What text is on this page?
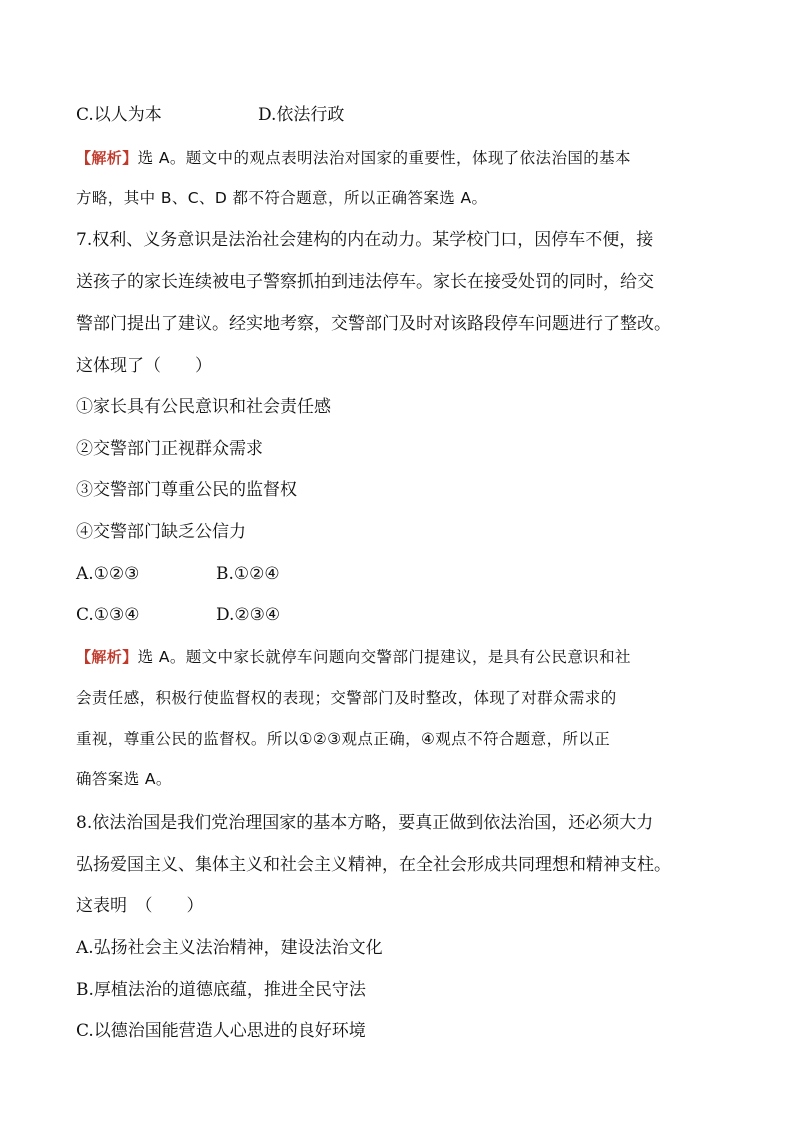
C.以人为本	D.依法行政
【解析】选 A。题文中的观点表明法治对国家的重要性，体现了依法治国的基本
方略，其中 B、C、D 都不符合题意，所以正确答案选 A。
7.权利、义务意识是法治社会建构的内在动力。某学校门口，因停车不便，接
送孩子的家长连续被电子警察抓拍到违法停车。家长在接受处罚的同时，给交
警部门提出了建议。经实地考察，交警部门及时对该路段停车问题进行了整改。
这体现了（　　）
①家长具有公民意识和社会责任感
②交警部门正视群众需求
③交警部门尊重公民的监督权
④交警部门缺乏公信力
A.①②③	B.①②④
C.①③④	D.②③④
【解析】选 A。题文中家长就停车问题向交警部门提建议，是具有公民意识和社
会责任感，积极行使监督权的表现；交警部门及时整改，体现了对群众需求的
重视，尊重公民的监督权。所以①②③观点正确，④观点不符合题意，所以正
确答案选 A。
8.依法治国是我们党治理国家的基本方略，要真正做到依法治国，还必须大力
弘扬爱国主义、集体主义和社会主义精神，在全社会形成共同理想和精神支柱。
这表明　（　　）
A.弘扬社会主义法治精神，建设法治文化
B.厚植法治的道德底蕴，推进全民守法
C.以德治国能营造人心思进的良好环境
